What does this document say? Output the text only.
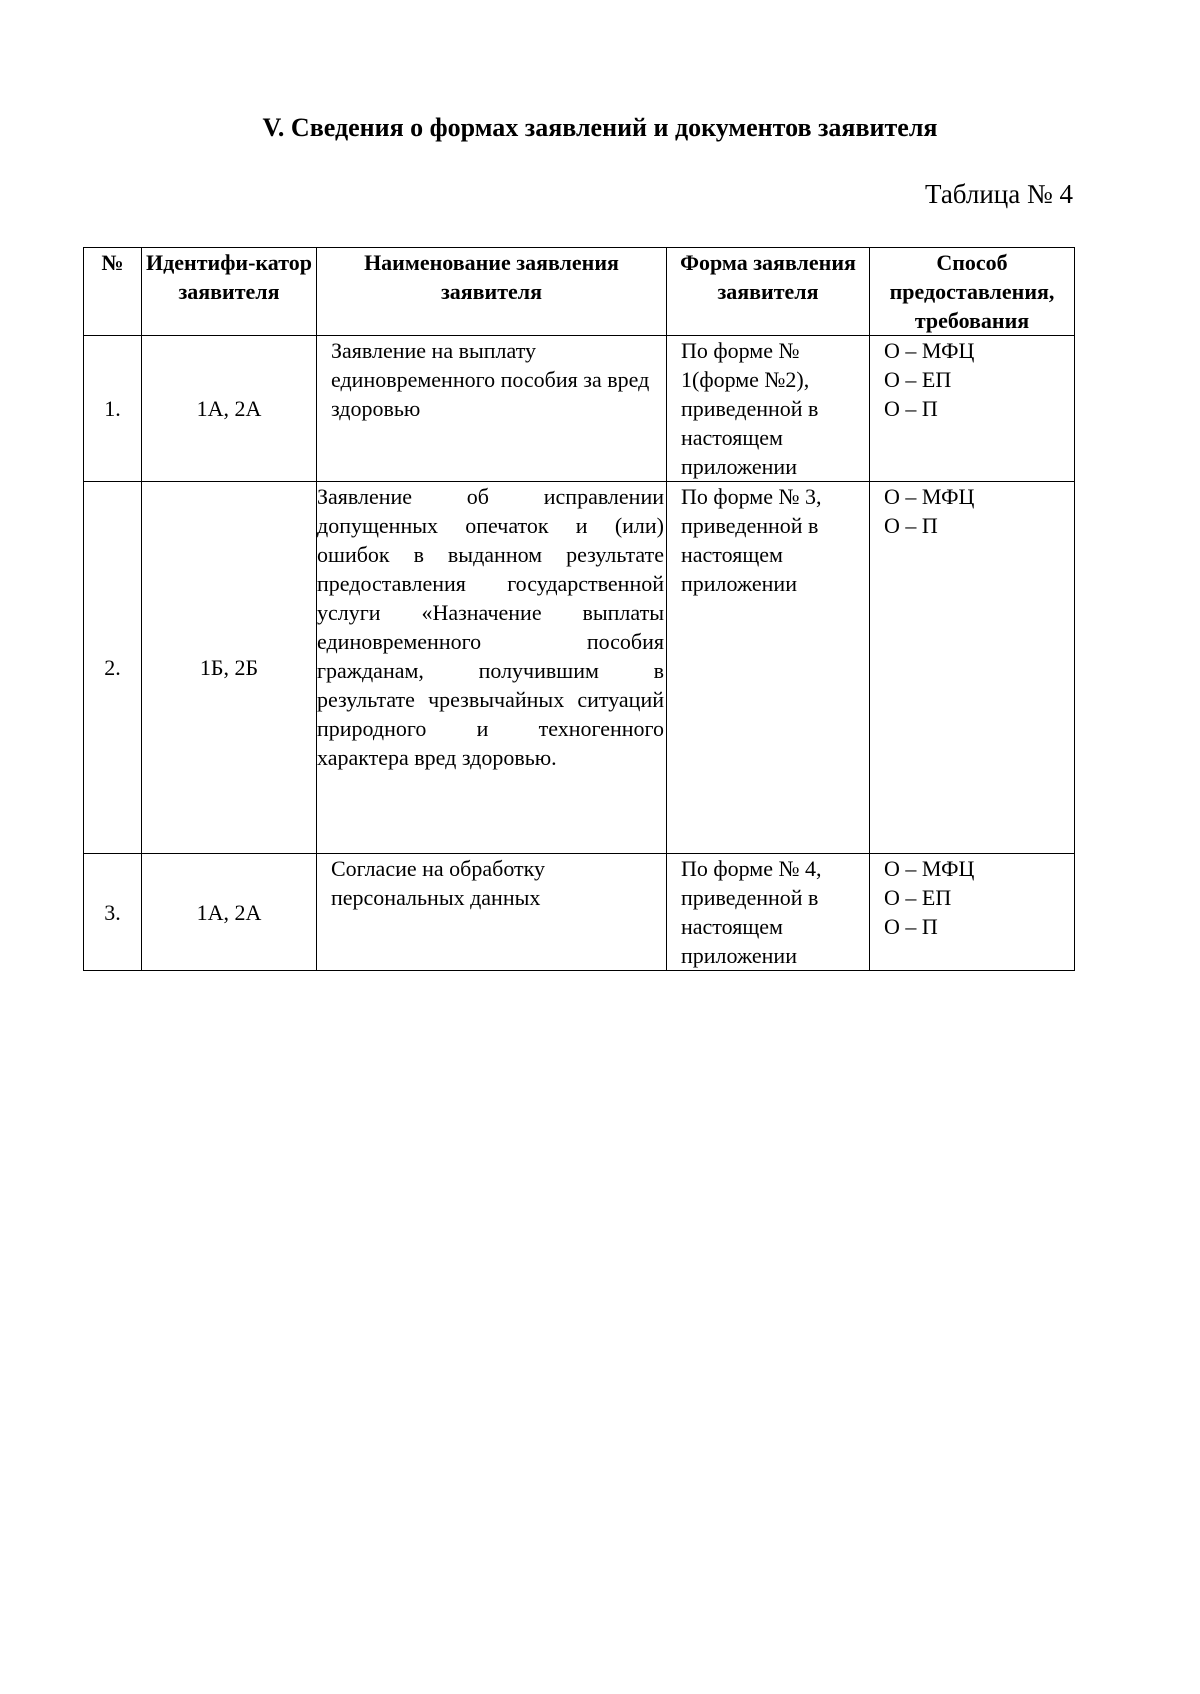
V. Сведения о формах заявлений и документов заявителя
Таблица № 4
№	Идентифи-катор заявителя	Наименование заявления заявителя	Форма заявления заявителя	Способ предоставления, требования
1.	1А, 2А	Заявление на выплату единовременного пособия за вред здоровью	По форме № 1(форме №2), приведенной в настоящем приложении	О – МФЦ
О – ЕП
О – П

2.	1Б, 2Б	Заявление об исправлении допущенных опечаток и (или) ошибок в выданном результате предоставления государственной услуги «Назначение выплаты единовременного пособия гражданам, получившим в результате чрезвычайных ситуаций природного и техногенного характера вред здоровью.	По форме № 3, приведенной в настоящем приложении	О – МФЦ
О – П

3.	1А, 2А	Согласие на обработку персональных данных	По форме № 4, приведенной в настоящем приложении	О – МФЦ
О – ЕП
О – П
